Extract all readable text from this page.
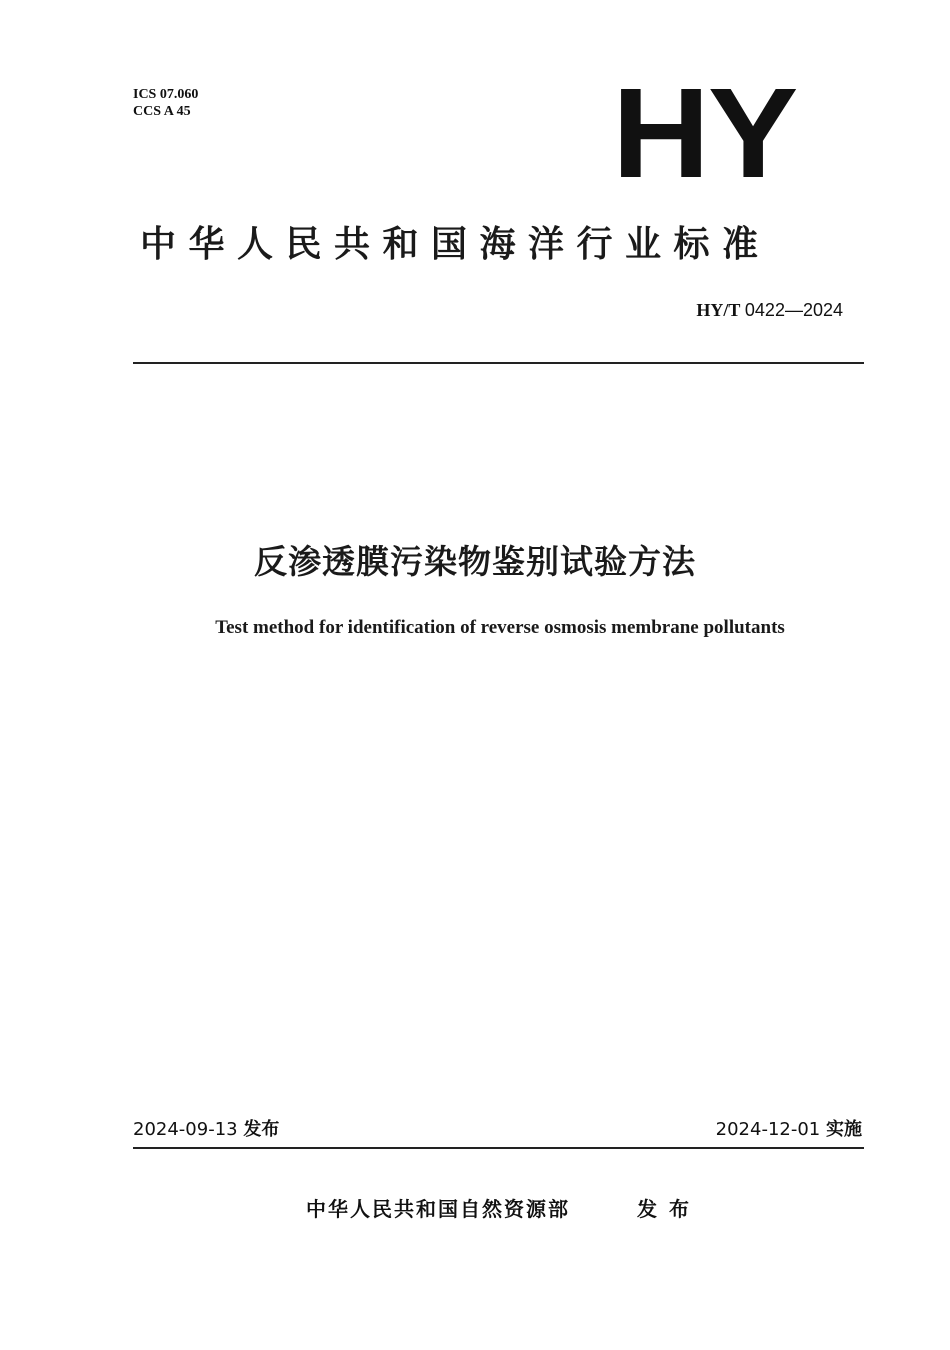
ICS 07.060
CCS A 45	HY
中华人民共和国海洋行业标准
HY/T 0422—2024
反渗透膜污染物鉴别试验方法
Test method for identification of reverse osmosis membrane pollutants
2024-09-13 发布	2024-12-01 实施
中华人民共和国自然资源部	发布
